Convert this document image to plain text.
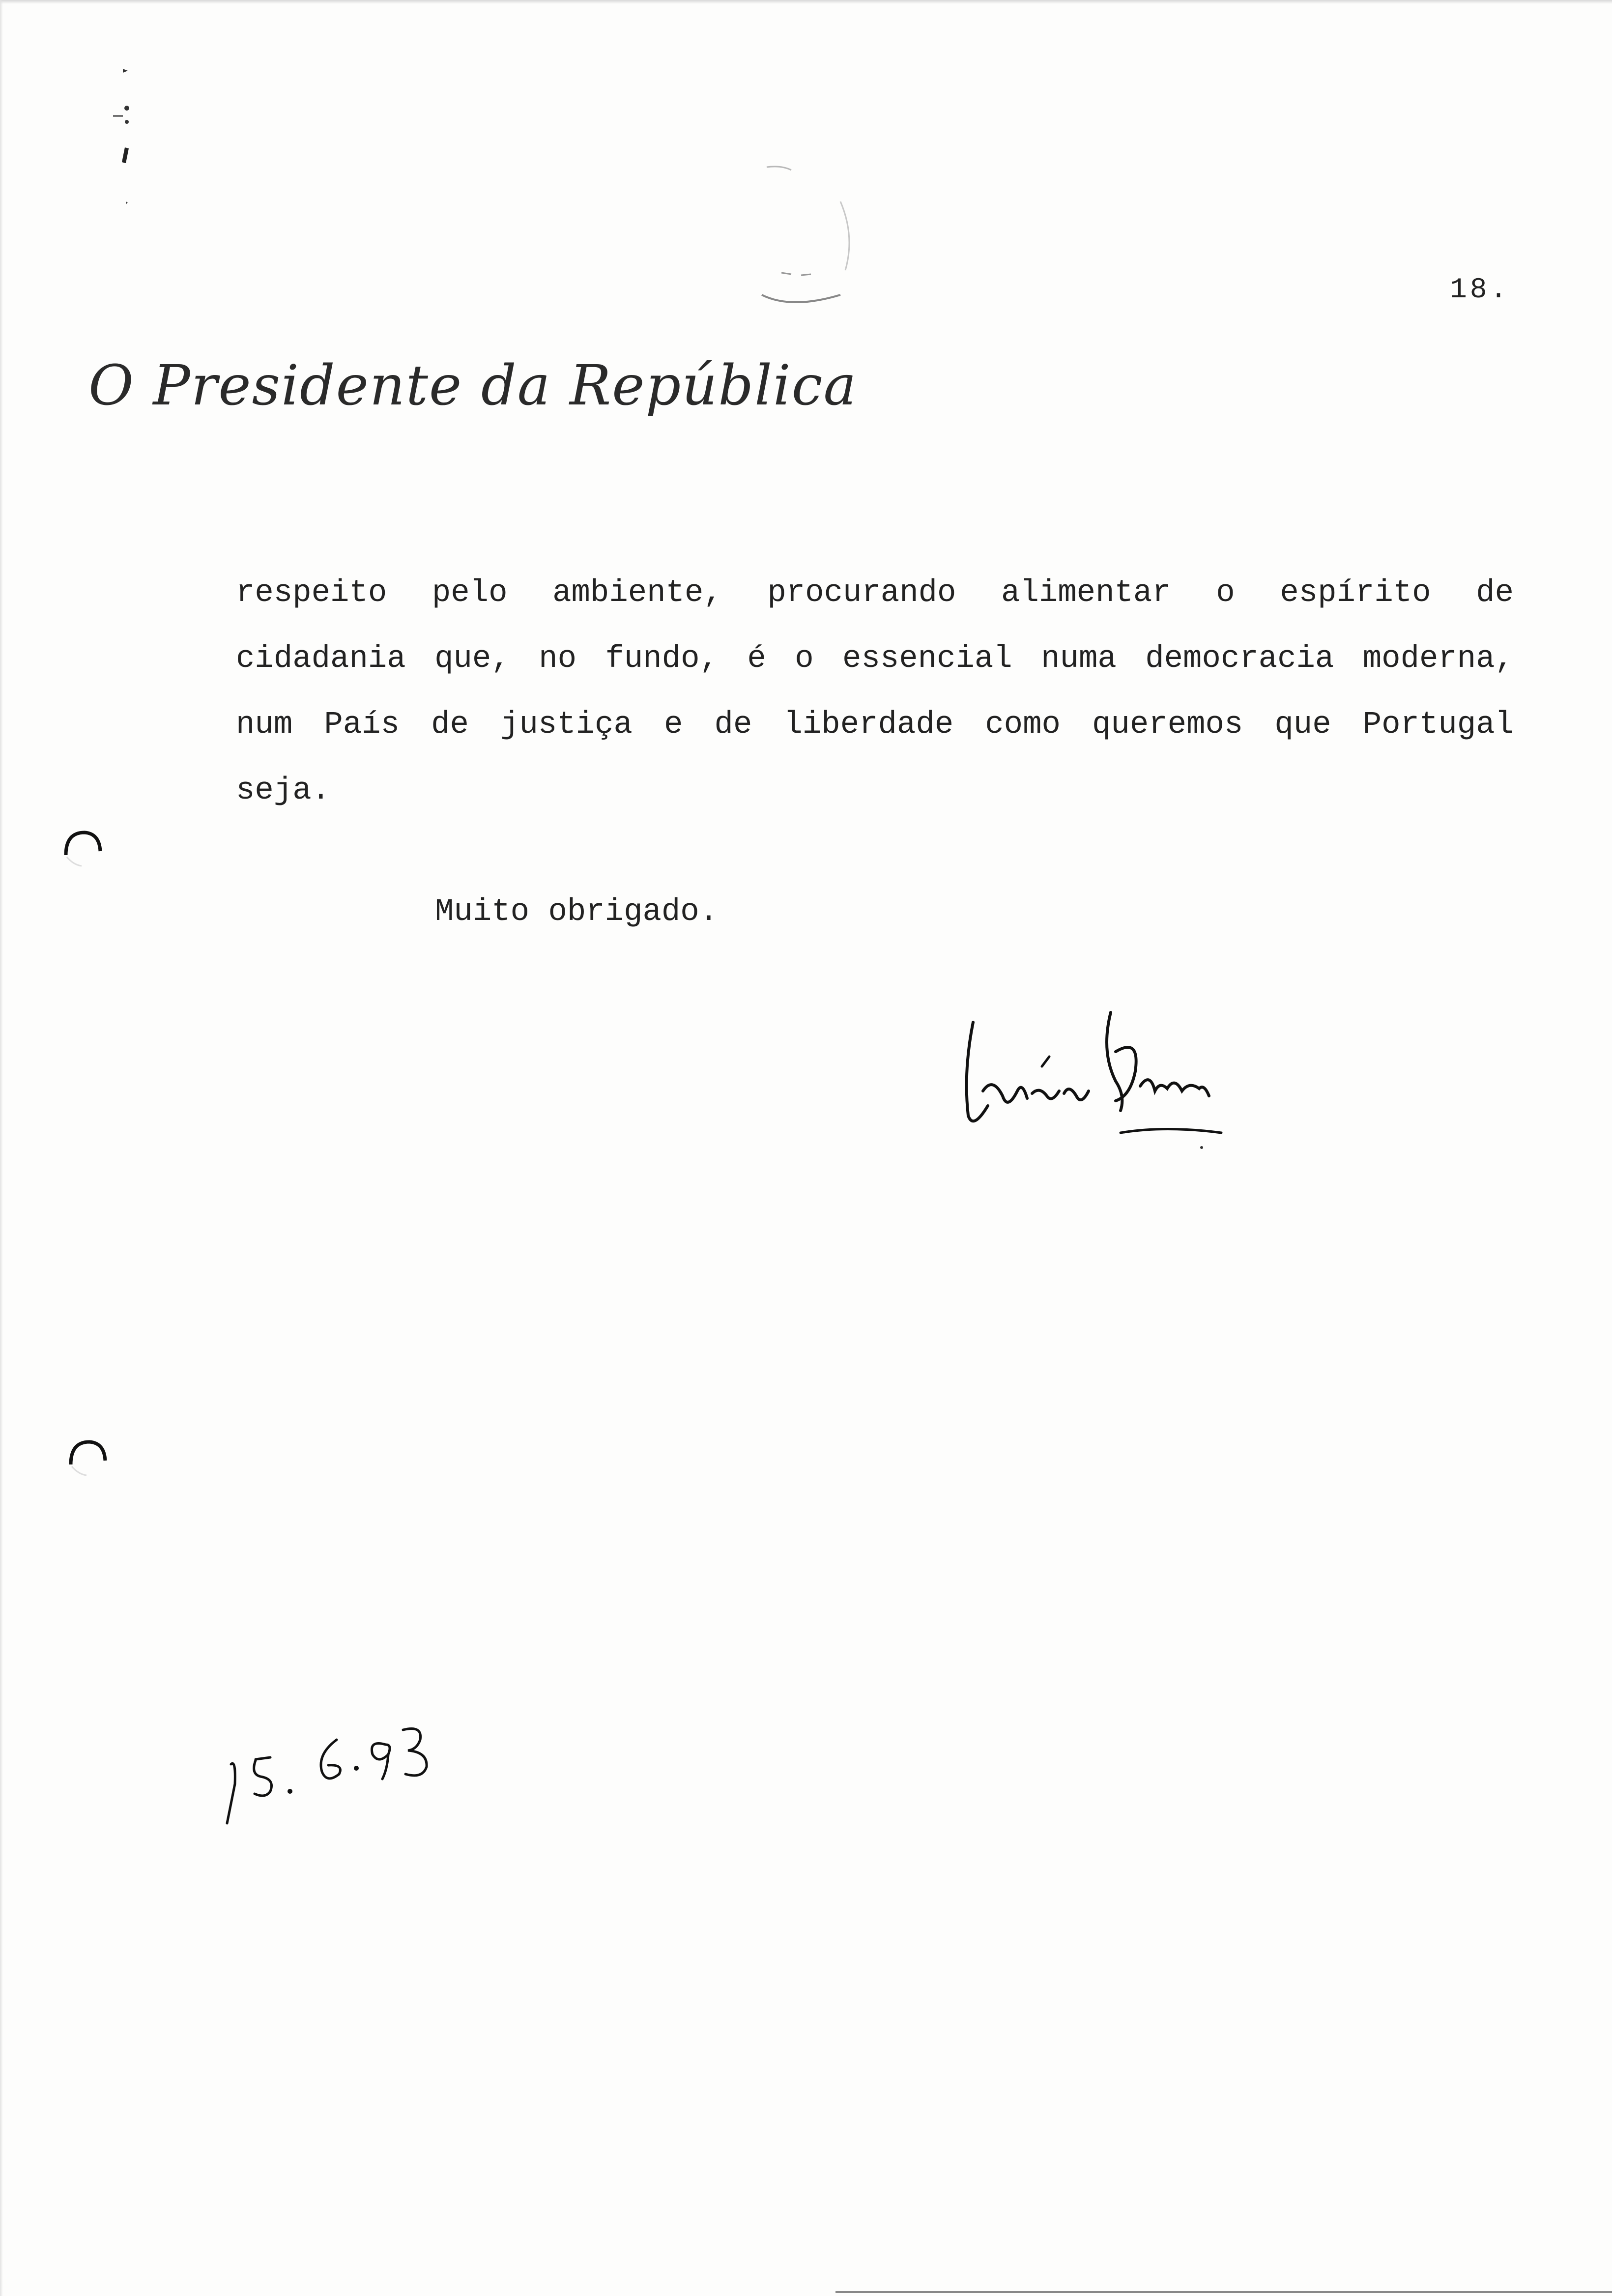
18.
O Presidente da República
respeito pelo ambiente, procurando alimentar o espírito de
cidadania que, no fundo, é o essencial numa democracia moderna,
num País de justiça e de liberdade como queremos que Portugal
seja.
Muito obrigado.
